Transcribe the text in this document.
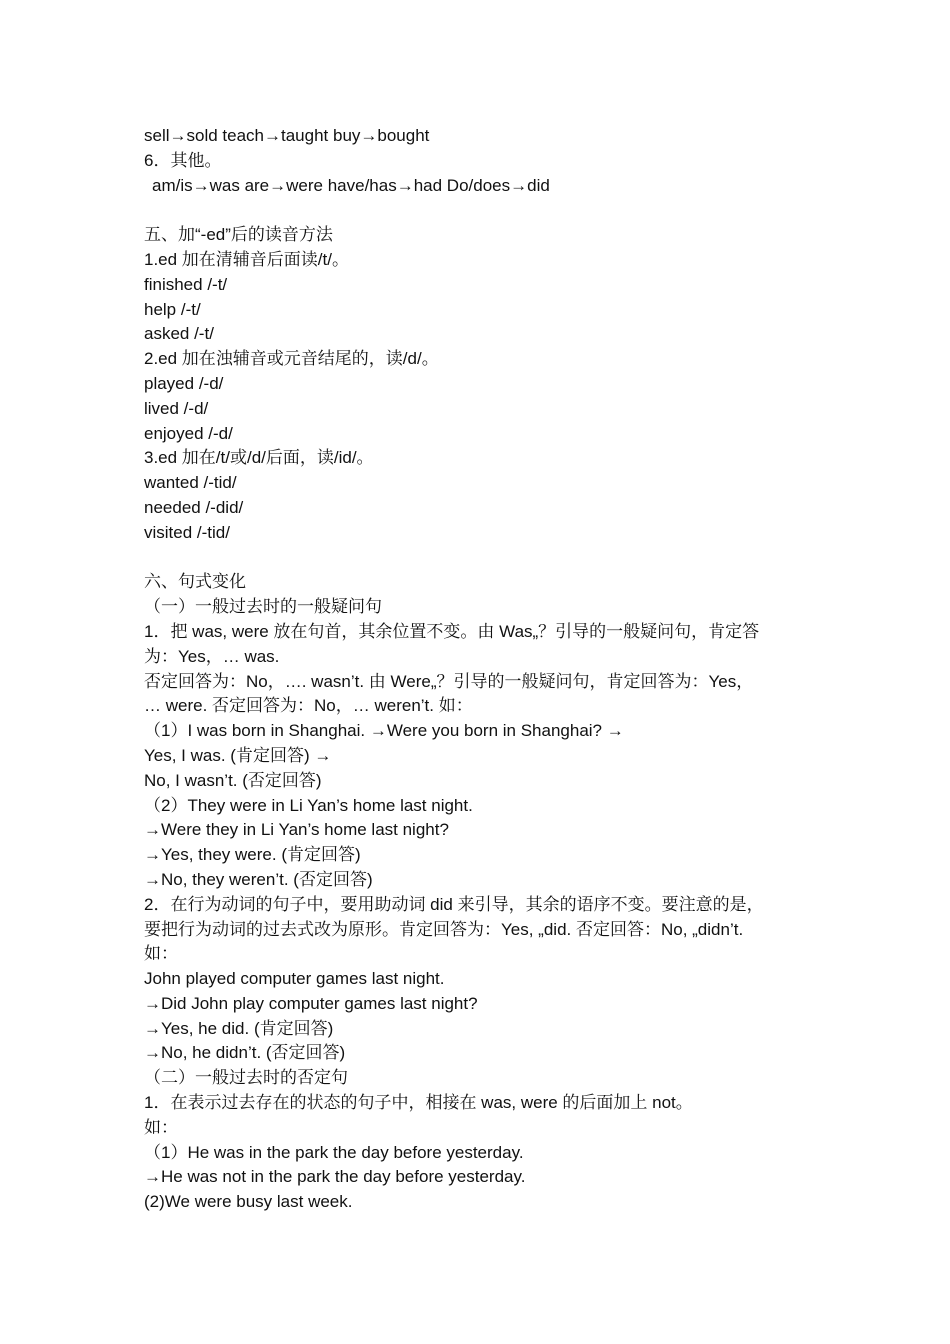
sell→sold teach→taught buy→bought
6．其他。
am/is→was are→were have/has→had Do/does→did
五、加“-ed”后的读音方法
1.ed 加在清辅音后面读/t/。
finished /-t/
help /-t/
asked /-t/
2.ed 加在浊辅音或元音结尾的，读/d/。
played /-d/
lived /-d/
enjoyed /-d/
3.ed 加在/t/或/d/后面，读/id/。
wanted /-tid/
needed /-did/
visited /-tid/
六、句式变化
（一）一般过去时的一般疑问句
1．把 was, were 放在句首，其余位置不变。由 Was„？引导的一般疑问句，肯定答
为：Yes，… was.
否定回答为：No，…. wasn’t. 由 Were„？引导的一般疑问句，肯定回答为：Yes，
… were. 否定回答为：No，… weren’t. 如：
（1）I was born in Shanghai. →Were you born in Shanghai? →
Yes, I was. (肯定回答) →
No, I wasn’t. (否定回答)
（2）They were in Li Yan’s home last night.
→Were they in Li Yan’s home last night?
→Yes, they were. (肯定回答)
→No, they weren’t. (否定回答)
2．在行为动词的句子中，要用助动词 did 来引导，其余的语序不变。要注意的是，
要把行为动词的过去式改为原形。肯定回答为：Yes, „did. 否定回答：No, „didn’t.
如：
John played computer games last night.
→Did John play computer games last night?
→Yes, he did. (肯定回答)
→No, he didn’t. (否定回答)
（二）一般过去时的否定句
1．在表示过去存在的状态的句子中，相接在 was, were 的后面加上 not。
如：
（1）He was in the park the day before yesterday.
→He was not in the park the day before yesterday.
(2)We were busy last week.
